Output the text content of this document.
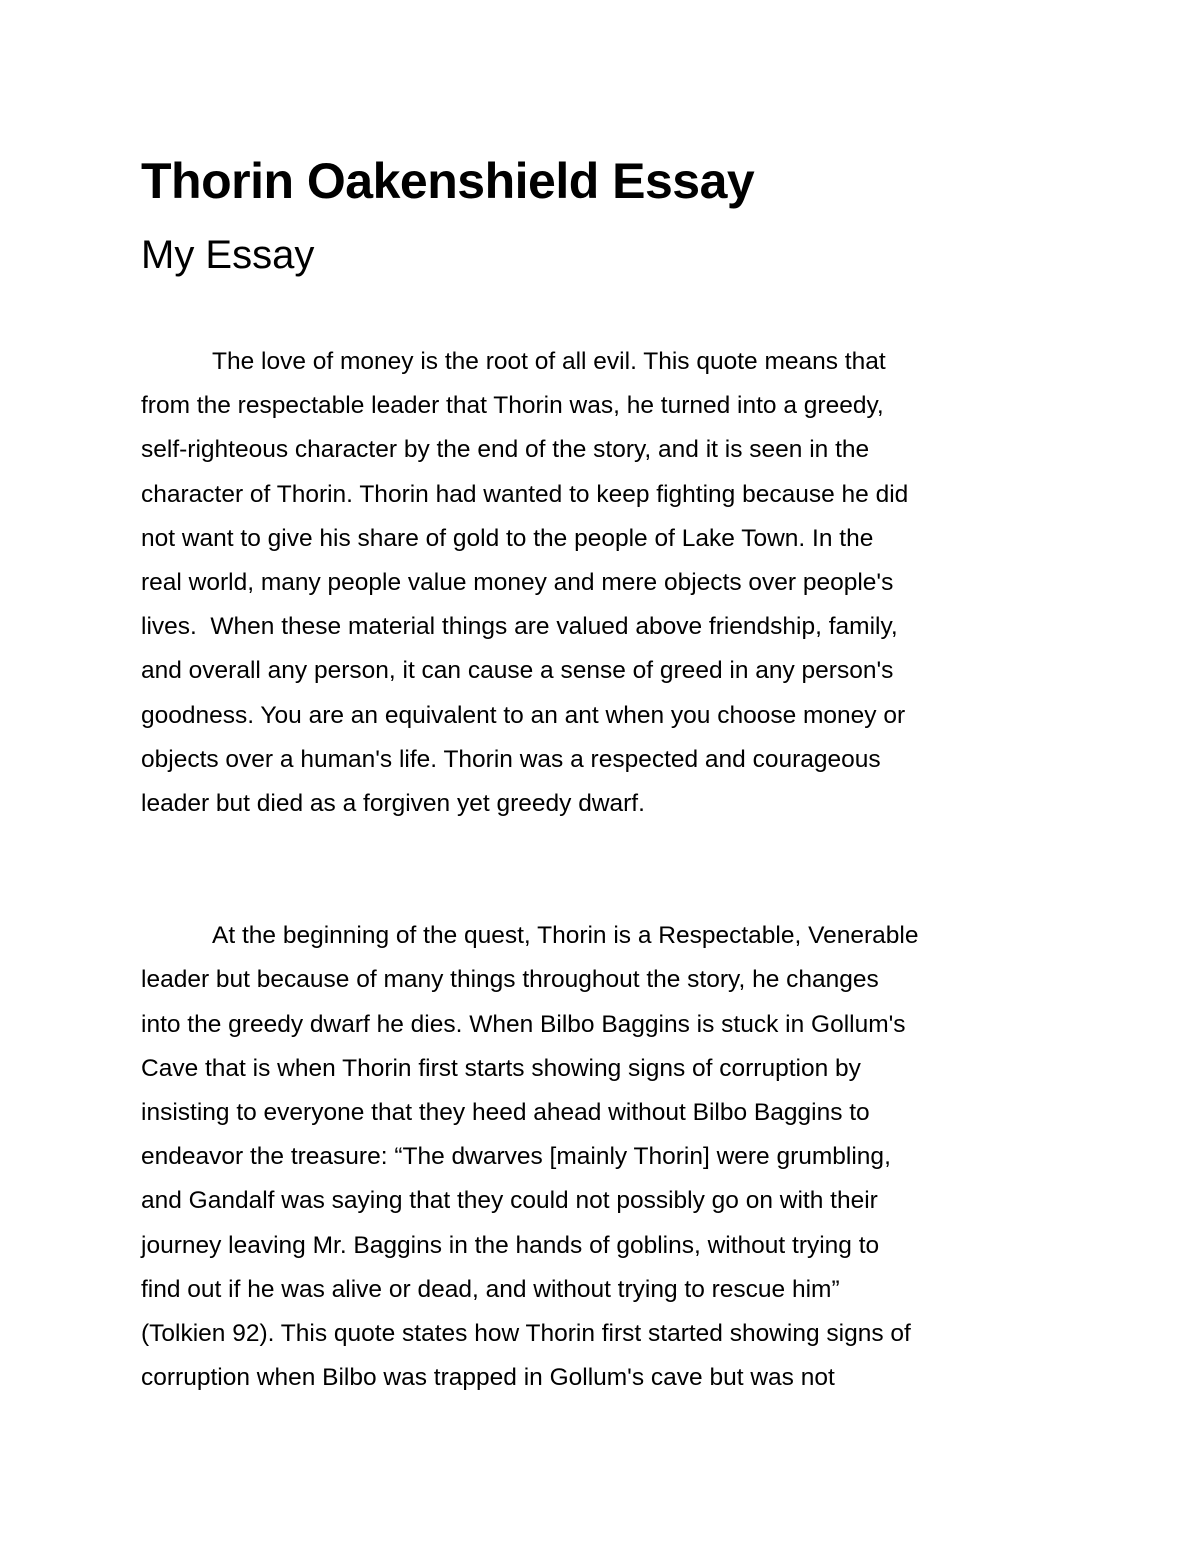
Thorin Oakenshield Essay
My Essay

The love of money is the root of all evil. This quote means that
from the respectable leader that Thorin was, he turned into a greedy,
self-righteous character by the end of the story, and it is seen in the
character of Thorin. Thorin had wanted to keep fighting because he did
not want to give his share of gold to the people of Lake Town. In the
real world, many people value money and mere objects over people's
lives.  When these material things are valued above friendship, family,
and overall any person, it can cause a sense of greed in any person's
goodness. You are an equivalent to an ant when you choose money or
objects over a human's life. Thorin was a respected and courageous
leader but died as a forgiven yet greedy dwarf.

At the beginning of the quest, Thorin is a Respectable, Venerable
leader but because of many things throughout the story, he changes
into the greedy dwarf he dies. When Bilbo Baggins is stuck in Gollum's
Cave that is when Thorin first starts showing signs of corruption by
insisting to everyone that they heed ahead without Bilbo Baggins to
endeavor the treasure: “The dwarves [mainly Thorin] were grumbling,
and Gandalf was saying that they could not possibly go on with their
journey leaving Mr. Baggins in the hands of goblins, without trying to
find out if he was alive or dead, and without trying to rescue him”
(Tolkien 92). This quote states how Thorin first started showing signs of
corruption when Bilbo was trapped in Gollum's cave but was not
